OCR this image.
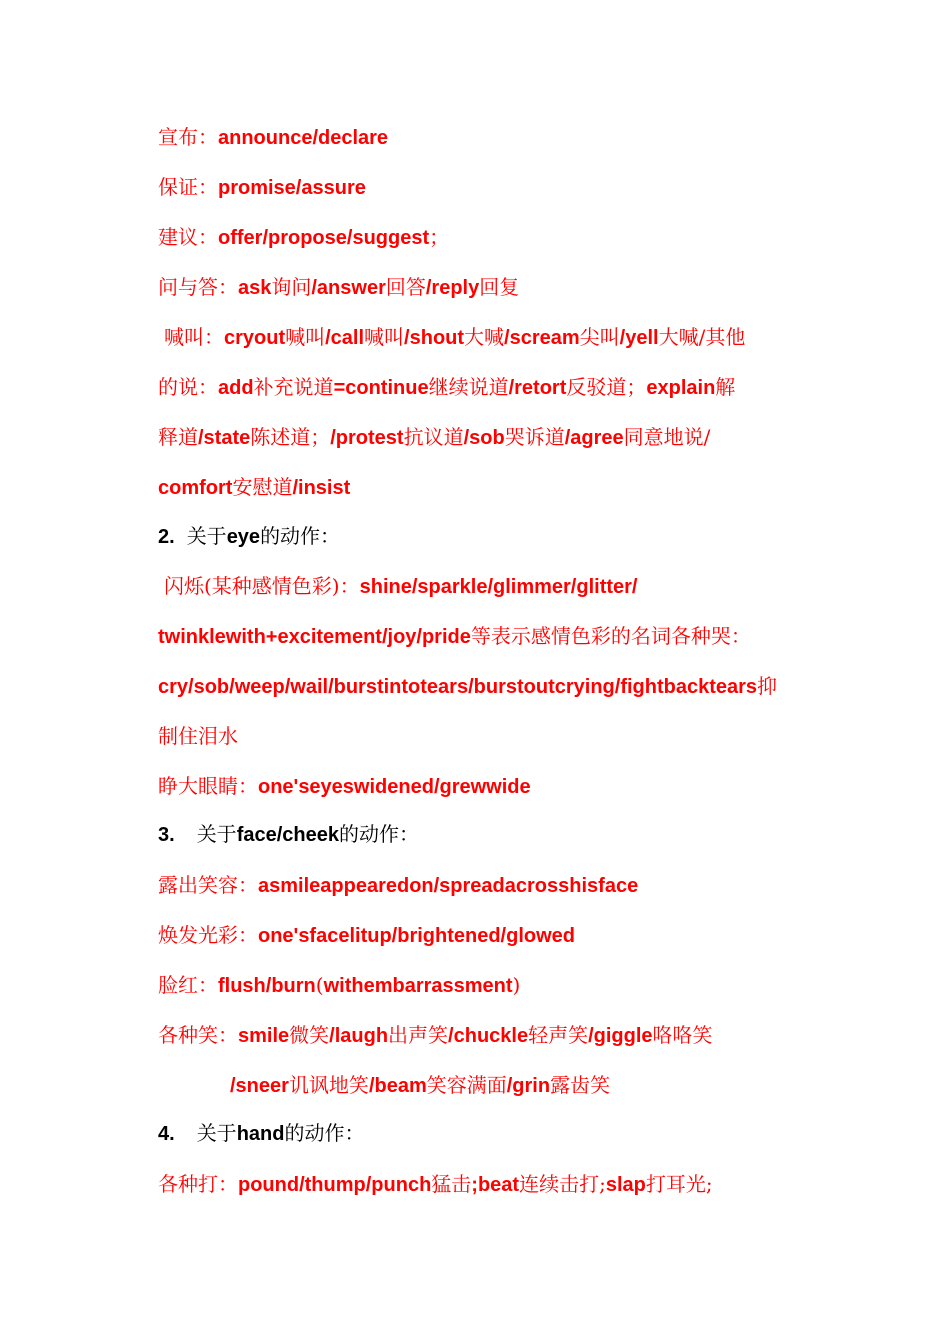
宣布：announce/declare
保证：promise/assure
建议：offer/propose/suggest；
问与答：ask询问/answer回答/reply回复
喊叫：cryout喊叫/call喊叫/shout大喊/scream尖叫/yell大喊/其他
的说：add补充说道=continue继续说道/retort反驳道；explain解
释道/state陈述道；/protest抗议道/sob哭诉道/agree同意地说/
comfort安慰道/insist
2. 关于eye的动作：
闪烁(某种感情色彩)：shine/sparkle/glimmer/glitter/
twinklewith+excitement/joy/pride等表示感情色彩的名词各种哭：
cry/sob/weep/wail/burstintotears/burstoutcrying/fightbacktears抑
制住泪水
睁大眼睛：one'seyeswidened/grewwide
3. 关于face/cheek的动作：
露出笑容：asmileappearedon/spreadacrosshisface
焕发光彩：one'sfacelitup/brightened/glowed
脸红：flush/burn(withembarrassment)
各种笑：smile微笑/laugh出声笑/chuckle轻声笑/giggle咯咯笑
/sneer讥讽地笑/beam笑容满面/grin露齿笑
4. 关于hand的动作：
各种打：pound/thump/punch猛击;beat连续击打;slap打耳光;
